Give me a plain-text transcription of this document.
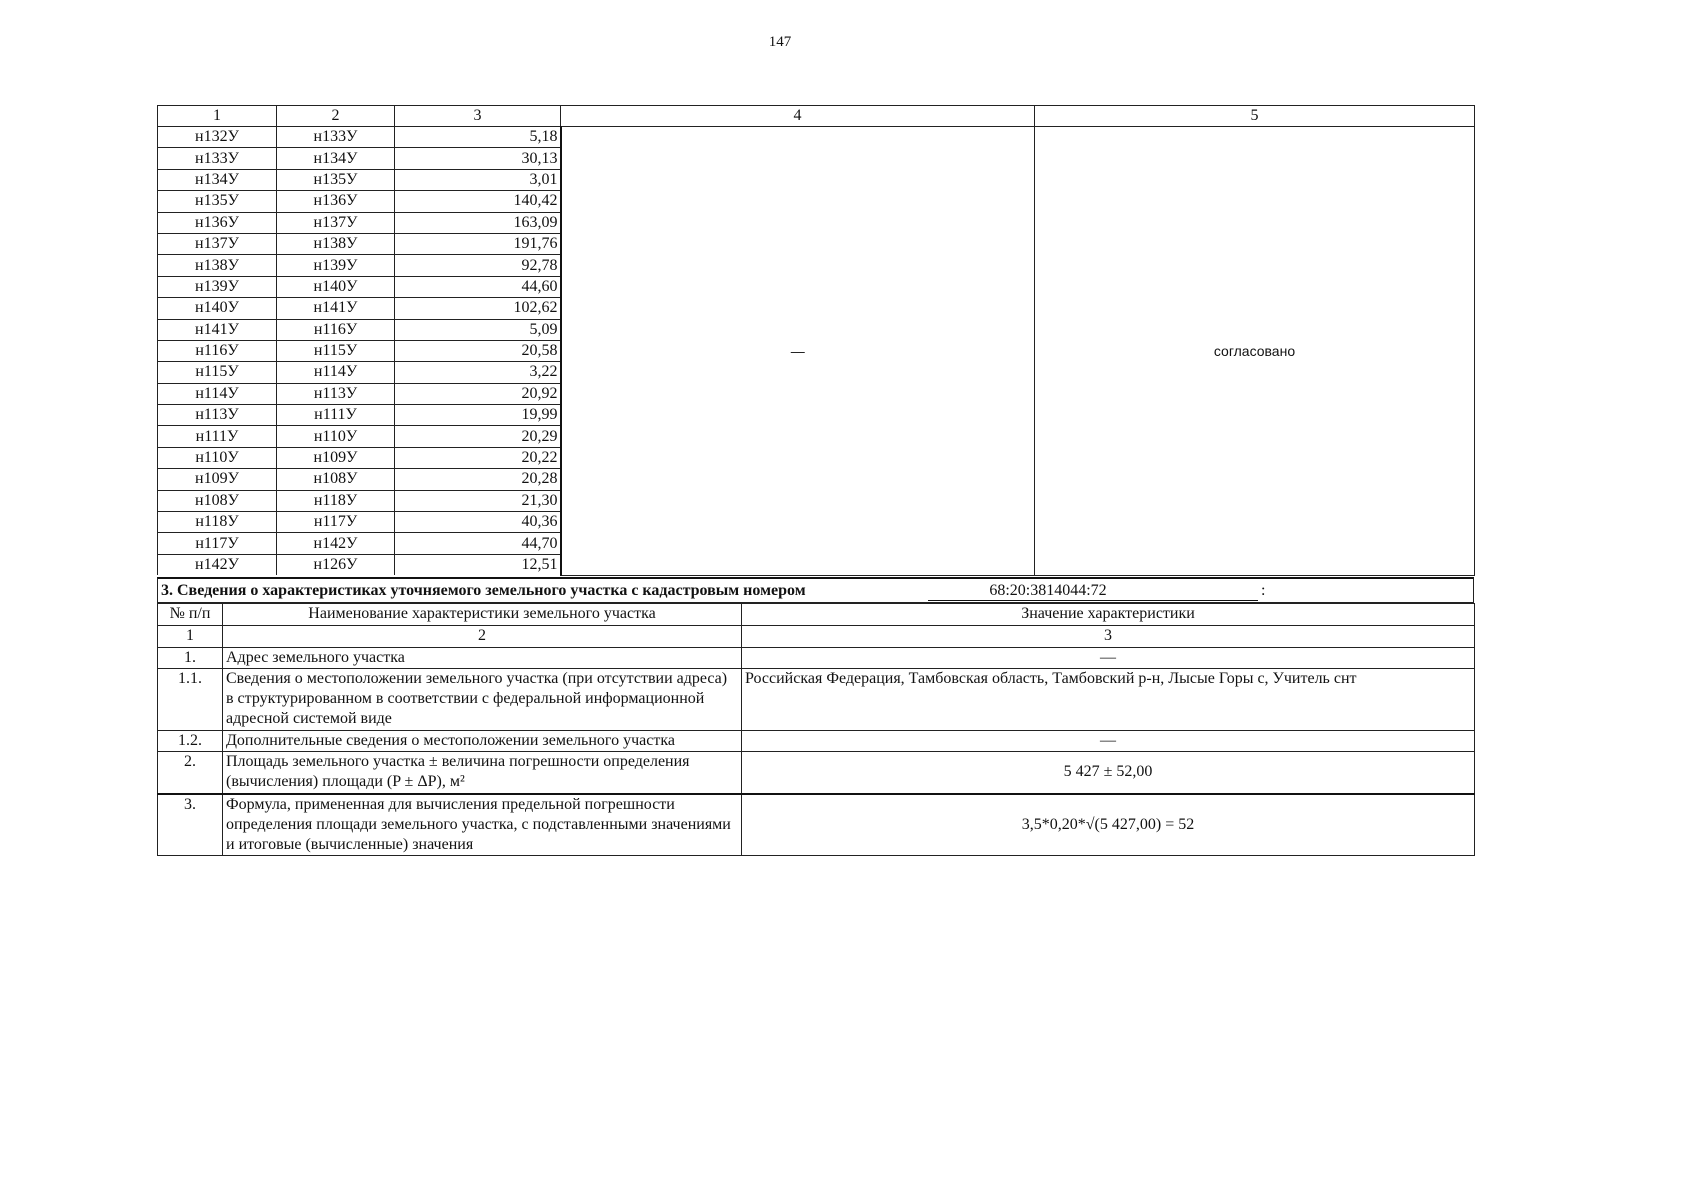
147
1	2	3	4	5
н132У	н133У	5,18	—	согласовано
н133У	н134У	30,13		
н134У	н135У	3,01		
н135У	н136У	140,42		
н136У	н137У	163,09		
н137У	н138У	191,76		
н138У	н139У	92,78		
н139У	н140У	44,60		
н140У	н141У	102,62		
н141У	н116У	5,09		
н116У	н115У	20,58		
н115У	н114У	3,22		
н114У	н113У	20,92		
н113У	н111У	19,99		
н111У	н110У	20,29		
н110У	н109У	20,22		
н109У	н108У	20,28		
н108У	н118У	21,30		
н118У	н117У	40,36		
н117У	н142У	44,70		
н142У	н126У	12,51		
3. Сведения о характеристиках уточняемого земельного участка с кадастровым номером	68:20:3814044:72	:
№ п/п	Наименование характеристики земельного участка	Значение характеристики
1	2	3
1.	Адрес земельного участка	—
1.1.	Сведения о местоположении земельного участка (при отсутствии адреса) в структурированном в соответствии с федеральной информационной адресной системой виде	Российская Федерация, Тамбовская область, Тамбовский р-н, Лысые Горы с, Учитель снт
1.2.	Дополнительные сведения о местоположении земельного участка	—
2.	Площадь земельного участка ± величина погрешности определения (вычисления) площади (P ± ΔP), м²	5 427 ± 52,00
3.	Формула, примененная для вычисления предельной погрешности определения площади земельного участка, с подставленными значениями и итоговые (вычисленные) значения	3,5*0,20*√(5 427,00) = 52
